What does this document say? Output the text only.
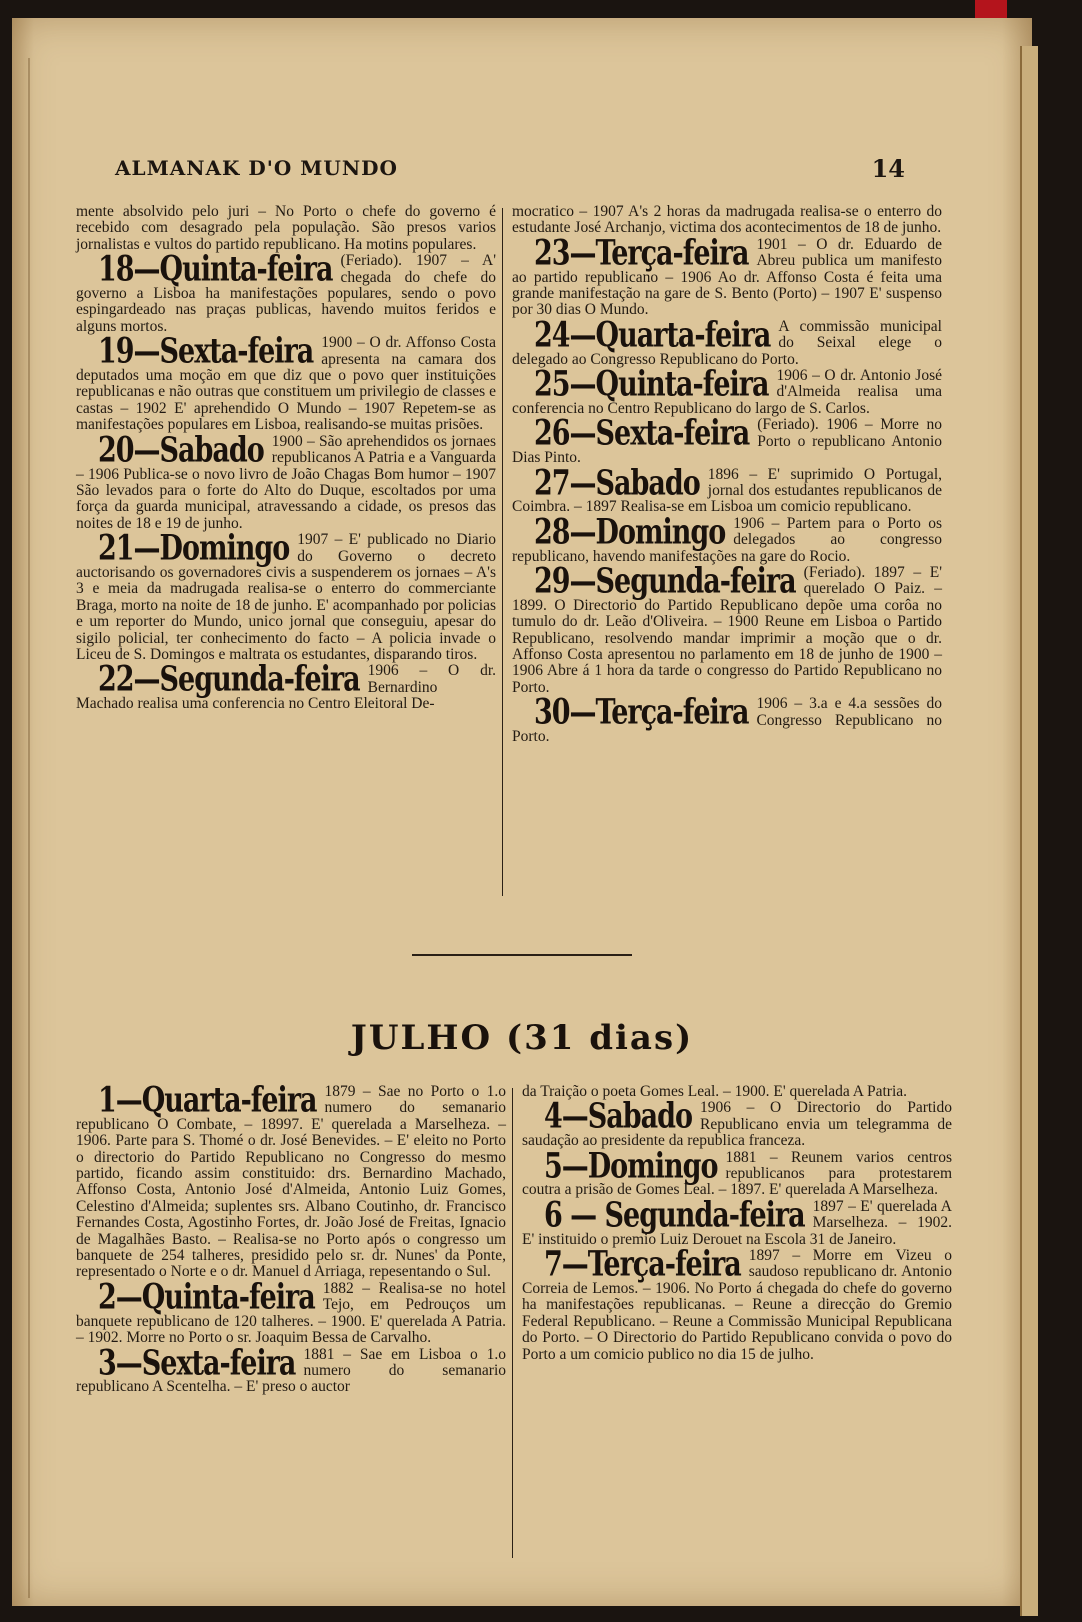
ALMANAK D'O MUNDO	14

mente absolvido pelo juri – No Porto o chefe do governo é recebido com desagrado pela população. São presos varios jornalistas e vultos do partido republicano. Ha motins populares.

18—Quinta-feira (Feriado). 1907 – A' chegada do chefe do governo a Lisboa ha manifestações populares, sendo o povo espingardeado nas praças publicas, havendo muitos feridos e alguns mortos.

19—Sexta-feira 1900 – O dr. Affonso Costa apresenta na camara dos deputados uma moção em que diz que o povo quer instituições republicanas e não outras que constituem um privilegio de classes e castas – 1902 E' aprehendido O Mundo – 1907 Repetem-se as manifestações populares em Lisboa, realisando-se muitas prisões.

20—Sabado 1900 – São aprehendidos os jornaes republicanos A Patria e a Vanguarda – 1906 Publica-se o novo livro de João Chagas Bom humor – 1907 São levados para o forte do Alto do Duque, escoltados por uma força da guarda municipal, atravessando a cidade, os presos das noites de 18 e 19 de junho.

21—Domingo 1907 – E' publicado no Diario do Governo o decreto auctorisando os governadores civis a suspenderem os jornaes – A's 3 e meia da madrugada realisa-se o enterro do commerciante Braga, morto na noite de 18 de junho. E' acompanhado por policias e um reporter do Mundo, unico jornal que conseguiu, apesar do sigilo policial, ter conhecimento do facto – A policia invade o Liceu de S. Domingos e maltrata os estudantes, disparando tiros.

22—Segunda-feira 1906 – O dr. Bernardino Machado realisa uma conferencia no Centro Eleitoral De-

mocratico – 1907 A's 2 horas da madrugada realisa-se o enterro do estudante José Archanjo, victima dos acontecimentos de 18 de junho.

23—Terça-feira 1901 – O dr. Eduardo de Abreu publica um manifesto ao partido republicano – 1906 Ao dr. Affonso Costa é feita uma grande manifestação na gare de S. Bento (Porto) – 1907 E' suspenso por 30 dias O Mundo.

24—Quarta-feira A commissão municipal do Seixal elege o delegado ao Congresso Republicano do Porto.

25—Quinta-feira 1906 – O dr. Antonio José d'Almeida realisa uma conferencia no Centro Republicano do largo de S. Carlos.

26—Sexta-feira (Feriado). 1906 – Morre no Porto o republicano Antonio Dias Pinto.

27—Sabado 1896 – E' suprimido O Portugal, jornal dos estudantes republicanos de Coimbra. – 1897 Realisa-se em Lisboa um comicio republicano.

28—Domingo 1906 – Partem para o Porto os delegados ao congresso republicano, havendo manifestações na gare do Rocio.

29—Segunda-feira (Feriado). 1897 – E' querelado O Paiz. – 1899. O Directorio do Partido Republicano depõe uma corôa no tumulo do dr. Leão d'Oliveira. – 1900 Reune em Lisboa o Partido Republicano, resolvendo mandar imprimir a moção que o dr. Affonso Costa apresentou no parlamento em 18 de junho de 1900 – 1906 Abre á 1 hora da tarde o congresso do Partido Republicano no Porto.

30—Terça-feira 1906 – 3.a e 4.a sessões do Congresso Republicano no Porto.

JULHO (31 dias)

1—Quarta-feira 1879 – Sae no Porto o 1.o numero do semanario republicano O Combate, – 18997. E' querelada a Marselheza. – 1906. Parte para S. Thomé o dr. José Benevides. – E' eleito no Porto o directorio do Partido Republicano no Congresso do mesmo partido, ficando assim constituido: drs. Bernardino Machado, Affonso Costa, Antonio José d'Almeida, Antonio Luiz Gomes, Celestino d'Almeida; suplentes srs. Albano Coutinho, dr. Francisco Fernandes Costa, Agostinho Fortes, dr. João José de Freitas, Ignacio de Magalhães Basto. – Realisa-se no Porto após o congresso um banquete de 254 talheres, presidido pelo sr. dr. Nunes' da Ponte, representado o Norte e o dr. Manuel d Arriaga, repesentando o Sul.

2—Quinta-feira 1882 – Realisa-se no hotel Tejo, em Pedrouços um banquete republicano de 120 talheres. – 1900. E' querelada A Patria. – 1902. Morre no Porto o sr. Joaquim Bessa de Carvalho.

3—Sexta-feira 1881 – Sae em Lisboa o 1.o numero do semanario republicano A Scentelha. – E' preso o auctor

da Traição o poeta Gomes Leal. – 1900. E' querelada A Patria.

4—Sabado 1906 – O Directorio do Partido Republicano envia um telegramma de saudação ao presidente da republica franceza.

5—Domingo 1881 – Reunem varios centros republicanos para protestarem coutra a prisão de Gomes Leal. – 1897. E' querelada A Marselheza.

6 — Segunda-feira 1897 – E' querelada A Marselheza. – 1902. E' instituido o premio Luiz Derouet na Escola 31 de Janeiro.

7—Terça-feira 1897 – Morre em Vizeu o saudoso republicano dr. Antonio Correia de Lemos. – 1906. No Porto á chegada do chefe do governo ha manifestações republicanas. – Reune a direcção do Gremio Federal Republicano. – Reune a Commissão Municipal Republicana do Porto. – O Directorio do Partido Republicano convida o povo do Porto a um comicio publico no dia 15 de julho.
